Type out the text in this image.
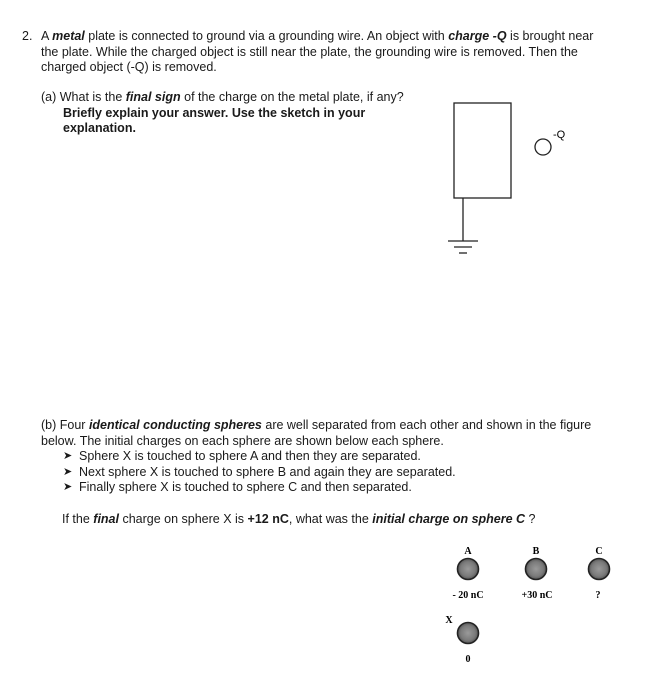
2. A metal plate is connected to ground via a grounding wire. An object with charge -Q is brought near the plate. While the charged object is still near the plate, the grounding wire is removed. Then the charged object (-Q) is removed.
(a) What is the final sign of the charge on the metal plate, if any?
Briefly explain your answer. Use the sketch in your explanation.	-Q
(b) Four identical conducting spheres are well separated from each other and shown in the figure below. The initial charges on each sphere are shown below each sphere.
➤ Sphere X is touched to sphere A and then they are separated.
➤ Next sphere X is touched to sphere B and again they are separated.
➤ Finally sphere X is touched to sphere C and then separated.
If the final charge on sphere X is +12 nC, what was the initial charge on sphere C ?
A
- 20 nC
B
+30 nC
C
?
X
0
